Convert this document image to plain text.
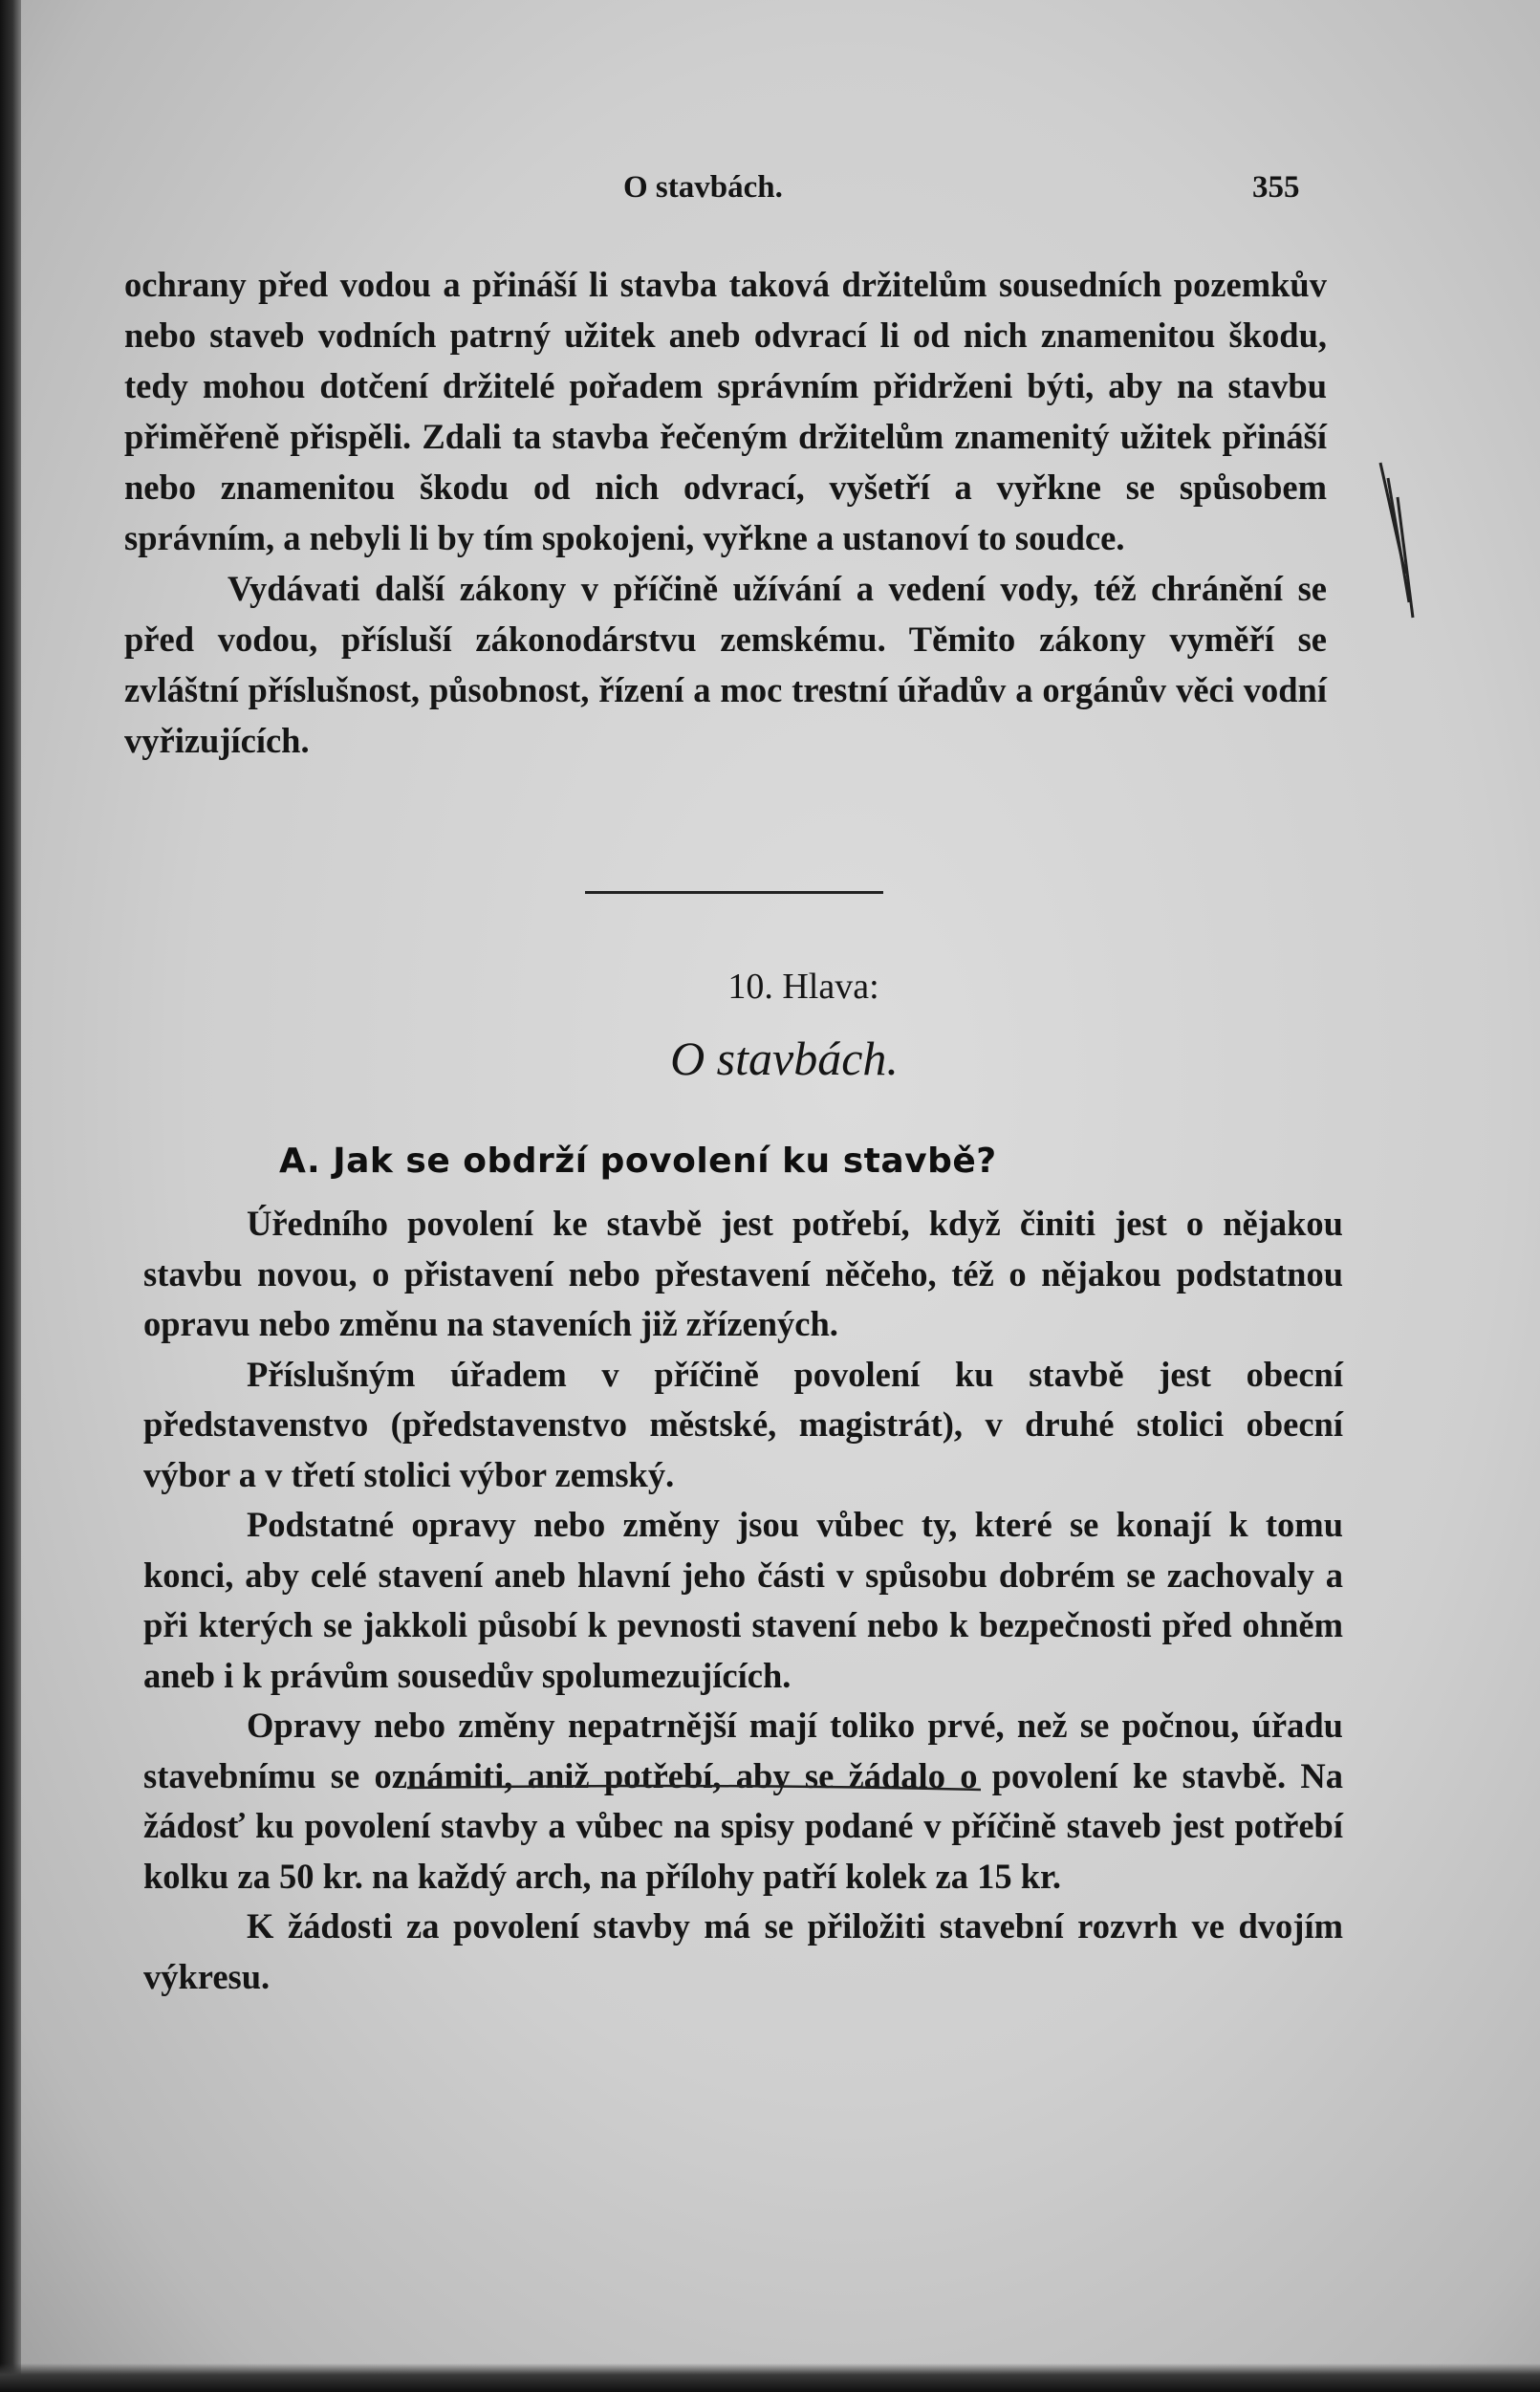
O stavbách.	355

ochrany před vodou a přináší li stavba taková držitelům sousedních pozemkův nebo staveb vodních patrný užitek aneb odvrací li od nich znamenitou škodu, tedy mohou dotčení držitelé pořadem správním přidrženi býti, aby na stavbu přiměřeně přispěli. Zdali ta stavba řečeným držitelům znamenitý užitek přináší nebo znamenitou škodu od nich odvrací, vyšetří a vyřkne se spůsobem správním, a nebyli li by tím spokojeni, vyřkne a ustanoví to soudce.

Vydávati další zákony v příčině užívání a vedení vody, též chránění se před vodou, přísluší zákonodárstvu zemskému. Těmito zákony vyměří se zvláštní příslušnost, působnost, řízení a moc trestní úřadův a orgánův věci vodní vyřizujících.

10. Hlava:
O stavbách.
A. Jak se obdrží povolení ku stavbě?

Úředního povolení ke stavbě jest potřebí, když činiti jest o nějakou stavbu novou, o přistavení nebo přestavení něčeho, též o nějakou podstatnou opravu nebo změnu na staveních již zřízených.

Příslušným úřadem v příčině povolení ku stavbě jest obecní představenstvo (představenstvo městské, magistrát), v druhé stolici obecní výbor a v třetí stolici výbor zemský.

Podstatné opravy nebo změny jsou vůbec ty, které se konají k tomu konci, aby celé stavení aneb hlavní jeho části v spůsobu dobrém se zachovaly a při kterých se jakkoli působí k pevnosti stavení nebo k bezpečnosti před ohněm aneb i k právům sousedův spolumezujících.

Opravy nebo změny nepatrnější mají toliko prvé, než se počnou, úřadu stavebnímu se oznámiti, aniž potřebí, aby se žádalo o povolení ke stavbě. Na žádosť ku povolení stavby a vůbec na spisy podané v příčině staveb jest potřebí kolku za 50 kr. na každý arch, na přílohy patří kolek za 15 kr.

K žádosti za povolení stavby má se přiložiti stavební rozvrh ve dvojím výkresu.
